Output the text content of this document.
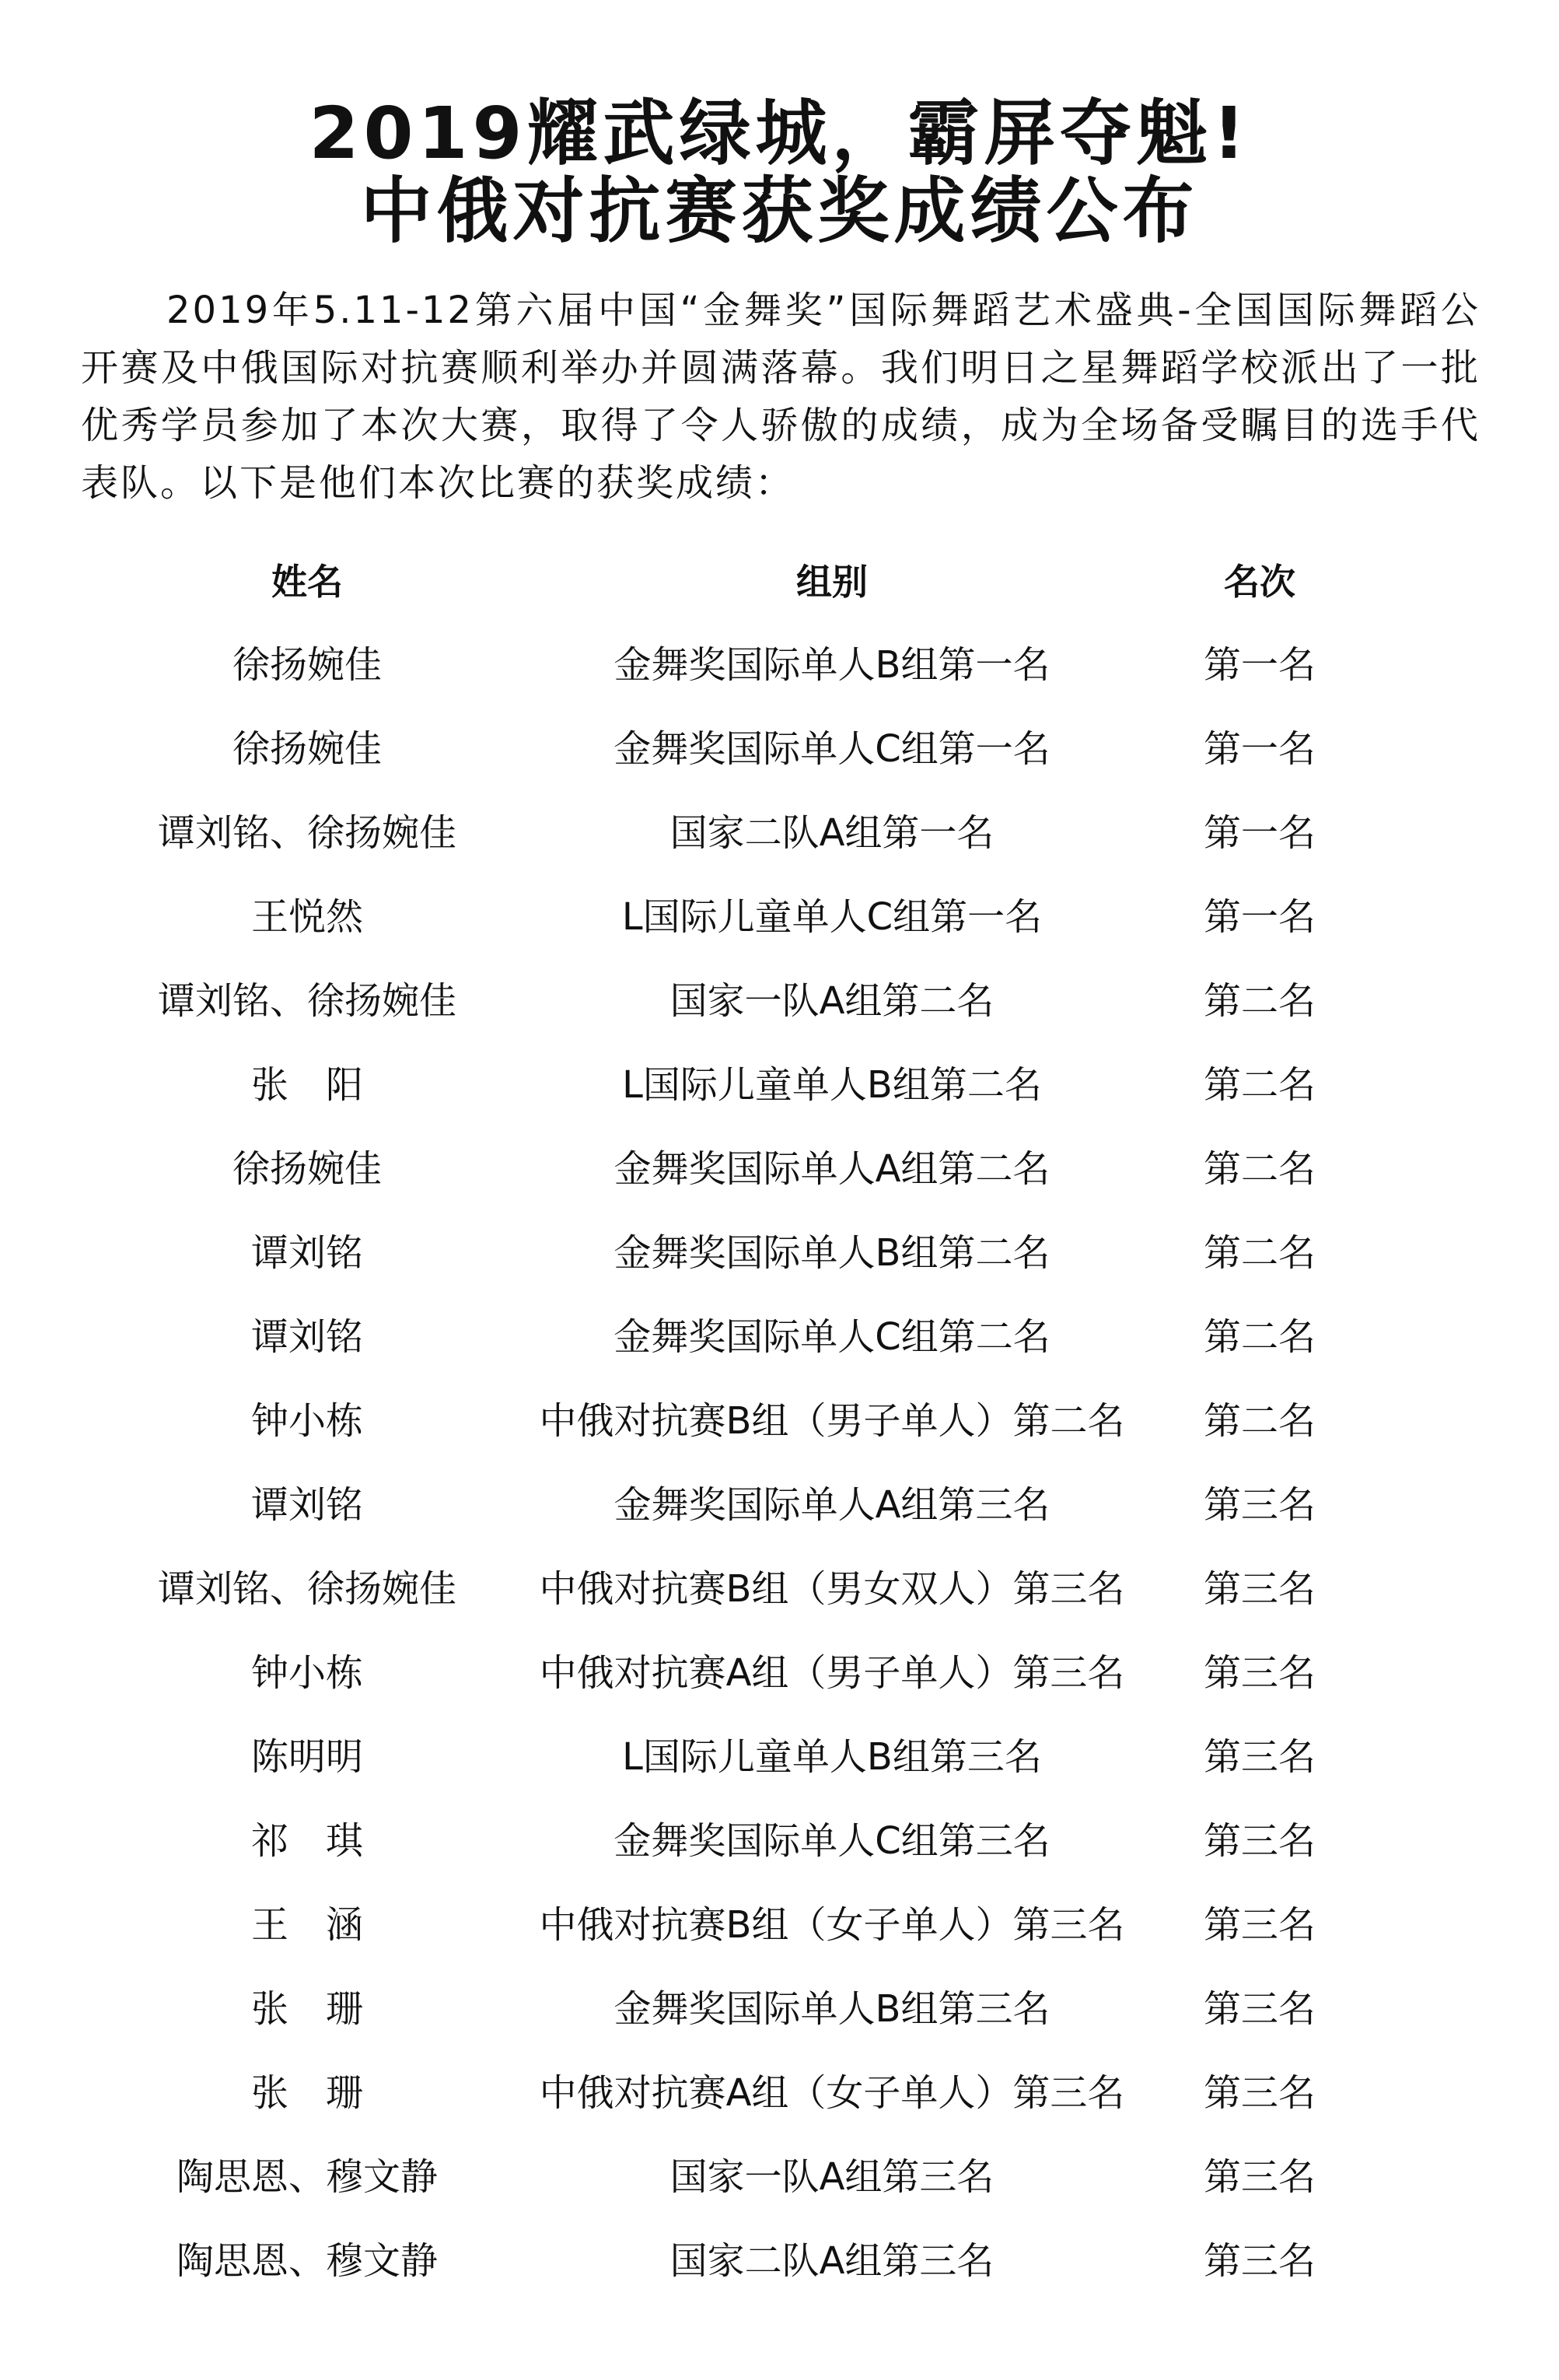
2019耀武绿城，霸屏夺魁!
中俄对抗赛获奖成绩公布

2019年5.11-12第六届中国“金舞奖”国际舞蹈艺术盛典-全国国际舞蹈公开赛及中俄国际对抗赛顺利举办并圆满落幕。我们明日之星舞蹈学校派出了一批优秀学员参加了本次大赛，取得了令人骄傲的成绩，成为全场备受瞩目的选手代表队。以下是他们本次比赛的获奖成绩：

姓名	组别	名次
徐扬婉佳	金舞奖国际单人B组第一名	第一名
徐扬婉佳	金舞奖国际单人C组第一名	第一名
谭刘铭、徐扬婉佳	国家二队A组第一名	第一名
王悦然	L国际儿童单人C组第一名	第一名
谭刘铭、徐扬婉佳	国家一队A组第二名	第二名
张　阳	L国际儿童单人B组第二名	第二名
徐扬婉佳	金舞奖国际单人A组第二名	第二名
谭刘铭	金舞奖国际单人B组第二名	第二名
谭刘铭	金舞奖国际单人C组第二名	第二名
钟小栋	中俄对抗赛B组（男子单人）第二名	第二名
谭刘铭	金舞奖国际单人A组第三名	第三名
谭刘铭、徐扬婉佳	中俄对抗赛B组（男女双人）第三名	第三名
钟小栋	中俄对抗赛A组（男子单人）第三名	第三名
陈明明	L国际儿童单人B组第三名	第三名
祁　琪	金舞奖国际单人C组第三名	第三名
王　涵	中俄对抗赛B组（女子单人）第三名	第三名
张　珊	金舞奖国际单人B组第三名	第三名
张　珊	中俄对抗赛A组（女子单人）第三名	第三名
陶思恩、穆文静	国家一队A组第三名	第三名
陶思恩、穆文静	国家二队A组第三名	第三名
